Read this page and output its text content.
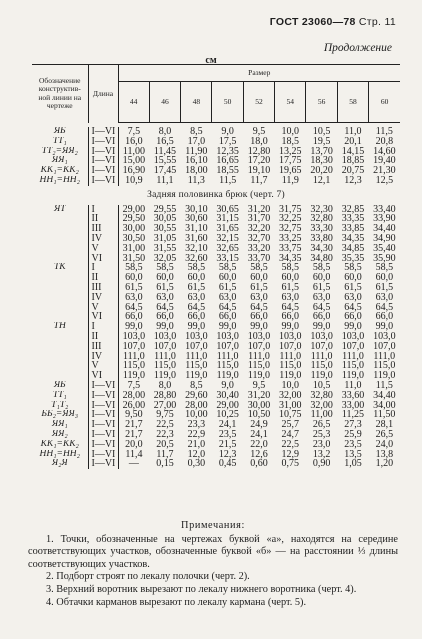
ГОСТ 23060—78 Стр. 11
Продолжение
см
Обозначение конструктив-ной линии на чертеже	Длина	Размер								
		44	46	48	50	52	54	56	58	60

ЯБ	I—VI	7,5	8,0	8,5	9,0	9,5	10,0	10,5	11,0	11,5
ТТ₁	I—VI	16,0	16,5	17,0	17,5	18,0	18,5	19,5	20,1	20,8
ТТ₂=ЯЯ₂	I—VI	11,00	11,45	11,90	12,35	12,80	13,25	13,70	14,15	14,60
ЯЯ₁	I—VI	15,00	15,55	16,10	16,65	17,20	17,75	18,30	18,85	19,40
КК₁=КК₂	I—VI	16,90	17,45	18,00	18,55	19,10	19,65	20,20	20,75	21,30
НН₁=НН₂	I—VI	10,9	11,1	11,3	11,5	11,7	11,9	12,1	12,3	12,5
Задняя половинка брюк (черт. 7)										
ЯТ	I	29,00	29,55	30,10	30,65	31,20	31,75	32,30	32,85	33,40
	II	29,50	30,05	30,60	31,15	31,70	32,25	32,80	33,35	33,90
	III	30,00	30,55	31,10	31,65	32,20	32,75	33,30	33,85	34,40
	IV	30,50	31,05	31,60	32,15	32,70	33,25	33,80	34,35	34,90
	V	31,00	31,55	32,10	32,65	33,20	33,75	34,30	34,85	35,40
	VI	31,50	32,05	32,60	33,15	33,70	34,35	34,80	35,35	35,90
ТК	I	58,5	58,5	58,5	58,5	58,5	58,5	58,5	58,5	58,5
	II	60,0	60,0	60,0	60,0	60,0	60,0	60,0	60,0	60,0
	III	61,5	61,5	61,5	61,5	61,5	61,5	61,5	61,5	61,5
	IV	63,0	63,0	63,0	63,0	63,0	63,0	63,0	63,0	63,0
	V	64,5	64,5	64,5	64,5	64,5	64,5	64,5	64,5	64,5
	VI	66,0	66,0	66,0	66,0	66,0	66,0	66,0	66,0	66,0
ТН	I	99,0	99,0	99,0	99,0	99,0	99,0	99,0	99,0	99,0
	II	103,0	103,0	103,0	103,0	103,0	103,0	103,0	103,0	103,0
	III	107,0	107,0	107,0	107,0	107,0	107,0	107,0	107,0	107,0
	IV	111,0	111,0	111,0	111,0	111,0	111,0	111,0	111,0	111,0
	V	115,0	115,0	115,0	115,0	115,0	115,0	115,0	115,0	115,0
	VI	119,0	119,0	119,0	119,0	119,0	119,0	119,0	119,0	119,0
ЯБ	I—VI	7,5	8,0	8,5	9,0	9,5	10,0	10,5	11,0	11,5
ТТ₁	I—VI	28,00	28,80	29,60	30,40	31,20	32,00	32,80	33,60	34,40
Т₁Т₂	I—VI	26,00	27,00	28,00	29,00	30,00	31,00	32,00	33,00	34,00
ББ₂=ЯЯ₃	I—VI	9,50	9,75	10,00	10,25	10,50	10,75	11,00	11,25	11,50
ЯЯ₁	I—VI	21,7	22,5	23,3	24,1	24,9	25,7	26,5	27,3	28,1
ЯЯ₂	I—VI	21,7	22,3	22,9	23,5	24,1	24,7	25,3	25,9	26,5
КК₁=КК₂	I—VI	20,0	20,5	21,0	21,5	22,0	22,5	23,0	23,5	24,0
НН₁=НН₂	I—VI	11,4	11,7	12,0	12,3	12,6	12,9	13,2	13,5	13,8
Я₂Я	I—VI	—	0,15	0,30	0,45	0,60	0,75	0,90	1,05	1,20
Примечания:

1. Точки, обозначенные на чертежах буквой «а», находятся на середине соответствующих участков, обозначенные буквой «б» — на расстоянии ⅓ длины соответствующих участков.

2. Подборт строят по лекалу полочки (черт. 2).

3. Верхний воротник вырезают по лекалу нижнего воротника (черт. 4).

4. Обтачки карманов вырезают по лекалу кармана (черт. 5).
